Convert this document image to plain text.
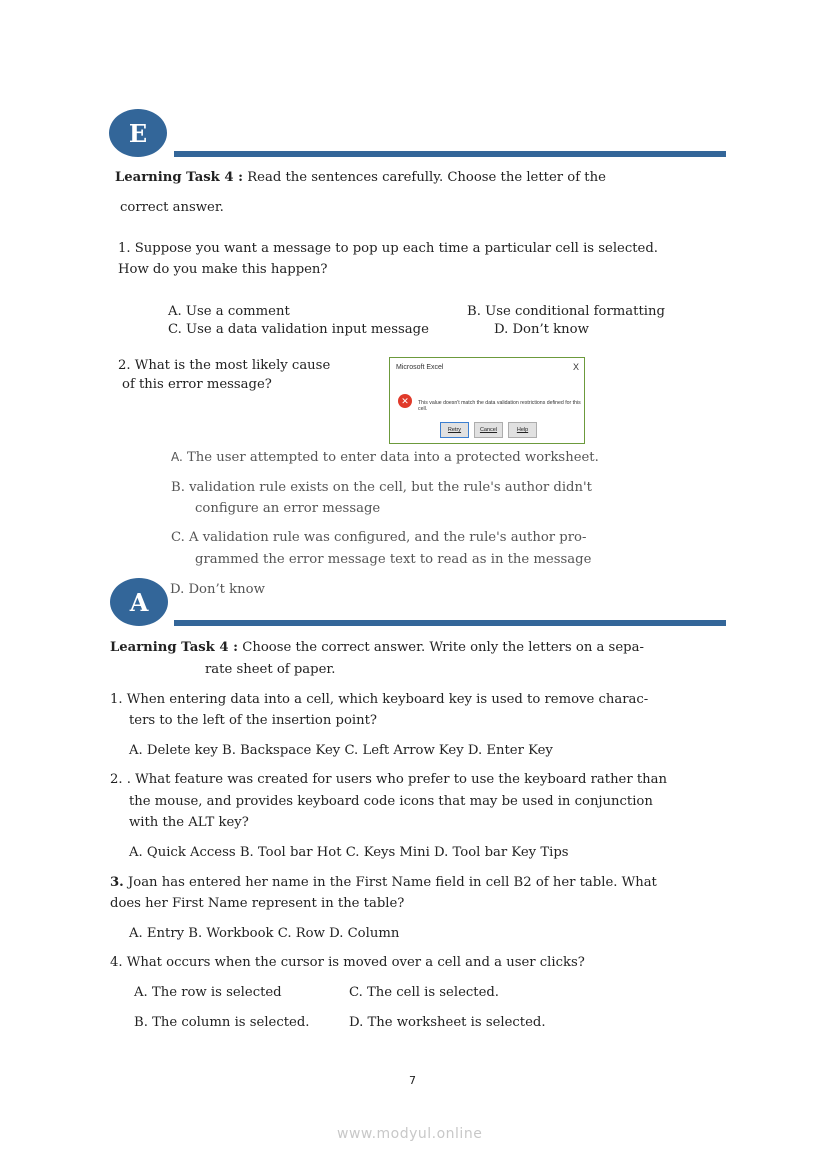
E
Learning Task 4 : Read the sentences carefully. Choose the letter of the
correct answer.
1. Suppose you want a message to pop up each time a particular cell is selected.
How do you make this happen?
A. Use a comment	B. Use conditional formatting
C. Use a data validation input message	D. Don’t know
2. What is the most likely cause
of this error message?
Microsoft Excel	X
✕	This value doesn't match the data validation restrictions defined for this cell.
Retry	Cancel	Help
A. The user attempted to enter data into a protected worksheet.
B. validation rule exists on the cell, but the rule's author didn't
configure an error message
C. A validation rule was configured, and the rule's author pro-
grammed the error message text to read as in the message
D. Don’t know
A
Learning Task 4 : Choose the correct answer. Write only the letters on a sepa-
rate sheet of paper.
1. When entering data into a cell, which keyboard key is used to remove charac-
ters to the left of the insertion point?
A. Delete key B. Backspace Key C. Left Arrow Key D. Enter Key
2. . What feature was created for users who prefer to use the keyboard rather than
the mouse, and provides keyboard code icons that may be used in conjunction
with the ALT key?
A. Quick Access B. Tool bar Hot C. Keys Mini D. Tool bar Key Tips
3. Joan has entered her name in the First Name field in cell B2 of her table. What
does her First Name represent in the table?
A. Entry B. Workbook C. Row D. Column
4. What occurs when the cursor is moved over a cell and a user clicks?
A. The row is selected	C. The cell is selected.
B. The column is selected.	D. The worksheet is selected.
7
www.modyul.online
